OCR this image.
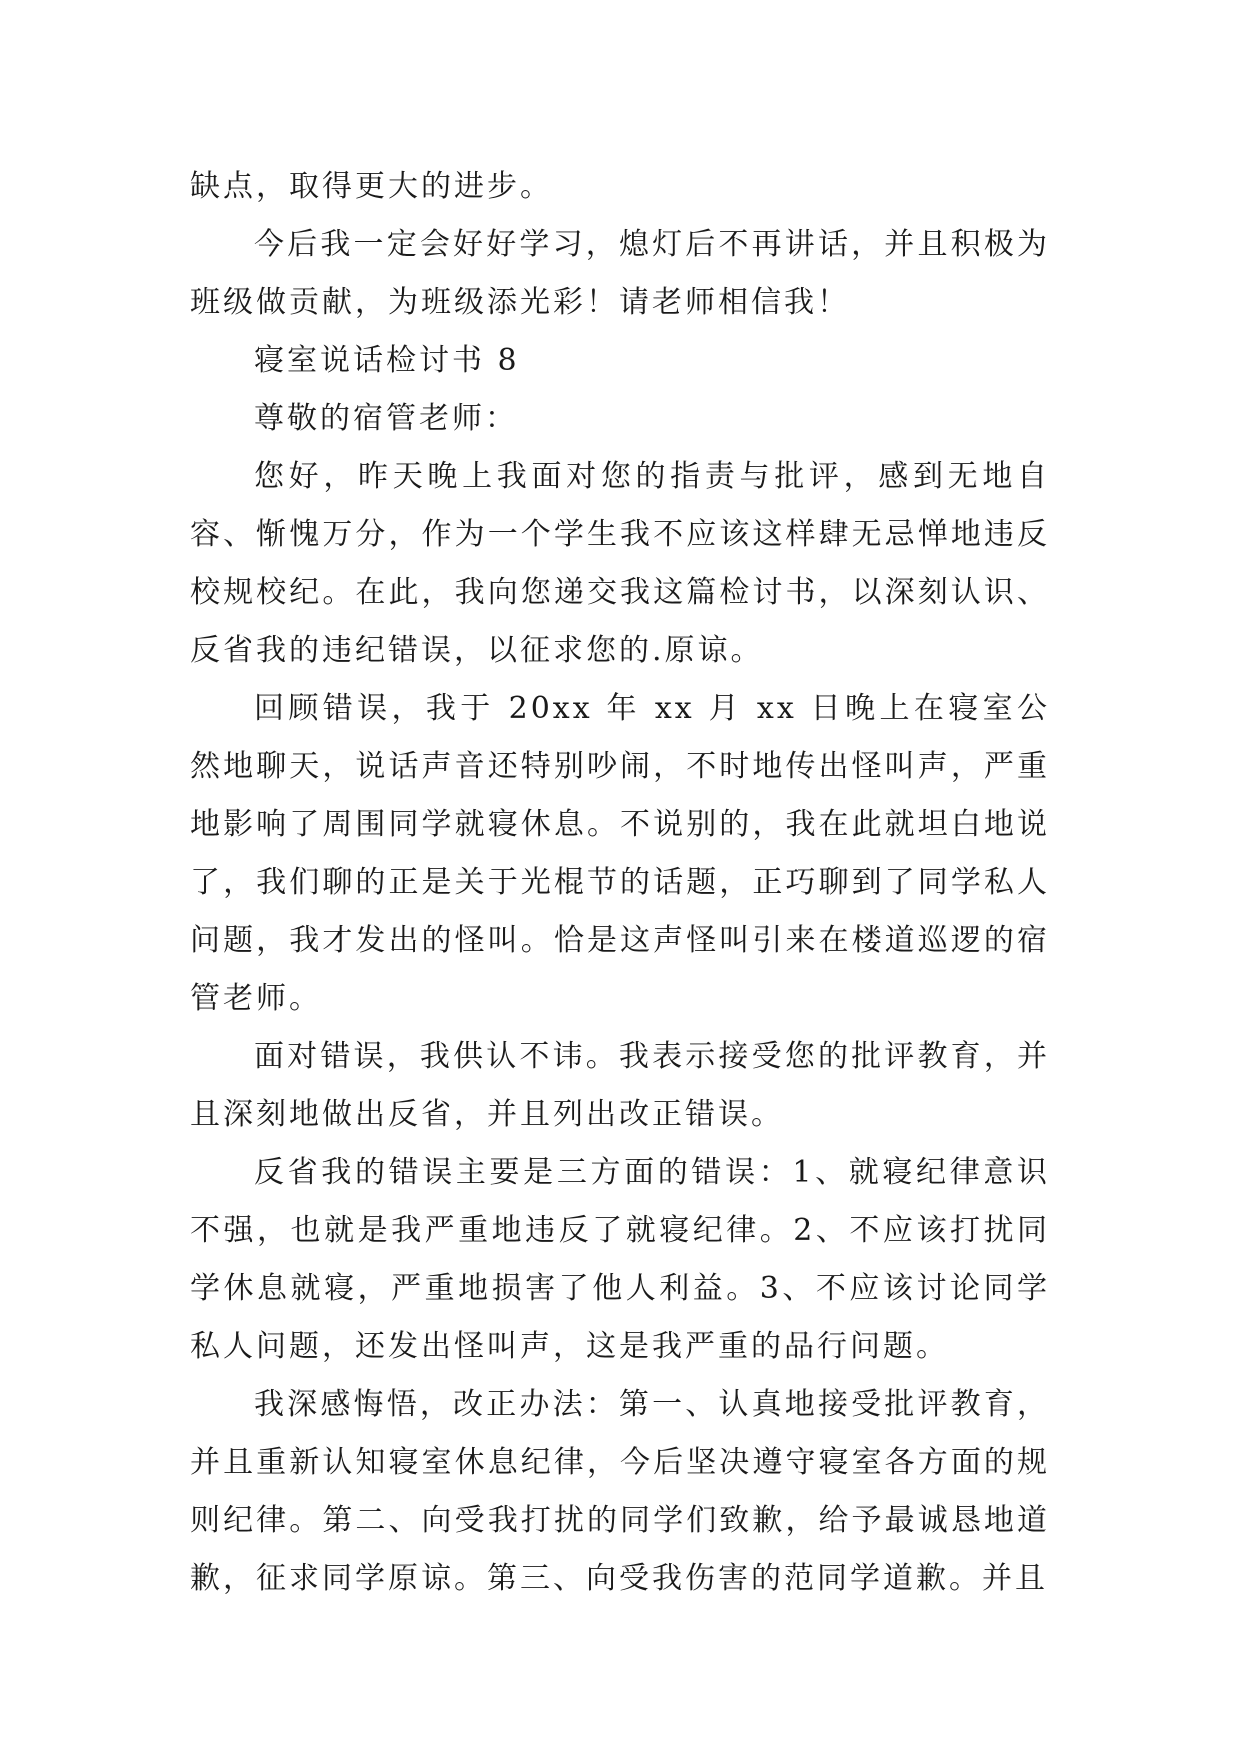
缺点，取得更大的进步。

今后我一定会好好学习，熄灯后不再讲话，并且积极为班级做贡献，为班级添光彩！请老师相信我！

寝室说话检讨书 8

尊敬的宿管老师：

您好，昨天晚上我面对您的指责与批评，感到无地自容、惭愧万分，作为一个学生我不应该这样肆无忌惮地违反校规校纪。在此，我向您递交我这篇检讨书，以深刻认识、反省我的违纪错误，以征求您的.原谅。

回顾错误，我于 20xx 年 xx 月 xx 日晚上在寝室公然地聊天，说话声音还特别吵闹，不时地传出怪叫声，严重地影响了周围同学就寝休息。不说别的，我在此就坦白地说了，我们聊的正是关于光棍节的话题，正巧聊到了同学私人问题，我才发出的怪叫。恰是这声怪叫引来在楼道巡逻的宿管老师。

面对错误，我供认不讳。我表示接受您的批评教育，并且深刻地做出反省，并且列出改正错误。

反省我的错误主要是三方面的错误：1、就寝纪律意识不强，也就是我严重地违反了就寝纪律。2、不应该打扰同学休息就寝，严重地损害了他人利益。3、不应该讨论同学私人问题，还发出怪叫声，这是我严重的品行问题。

我深感悔悟，改正办法：第一、认真地接受批评教育，并且重新认知寝室休息纪律，今后坚决遵守寝室各方面的规则纪律。第二、向受我打扰的同学们致歉，给予最诚恳地道歉，征求同学原谅。第三、向受我伤害的范同学道歉。并且
